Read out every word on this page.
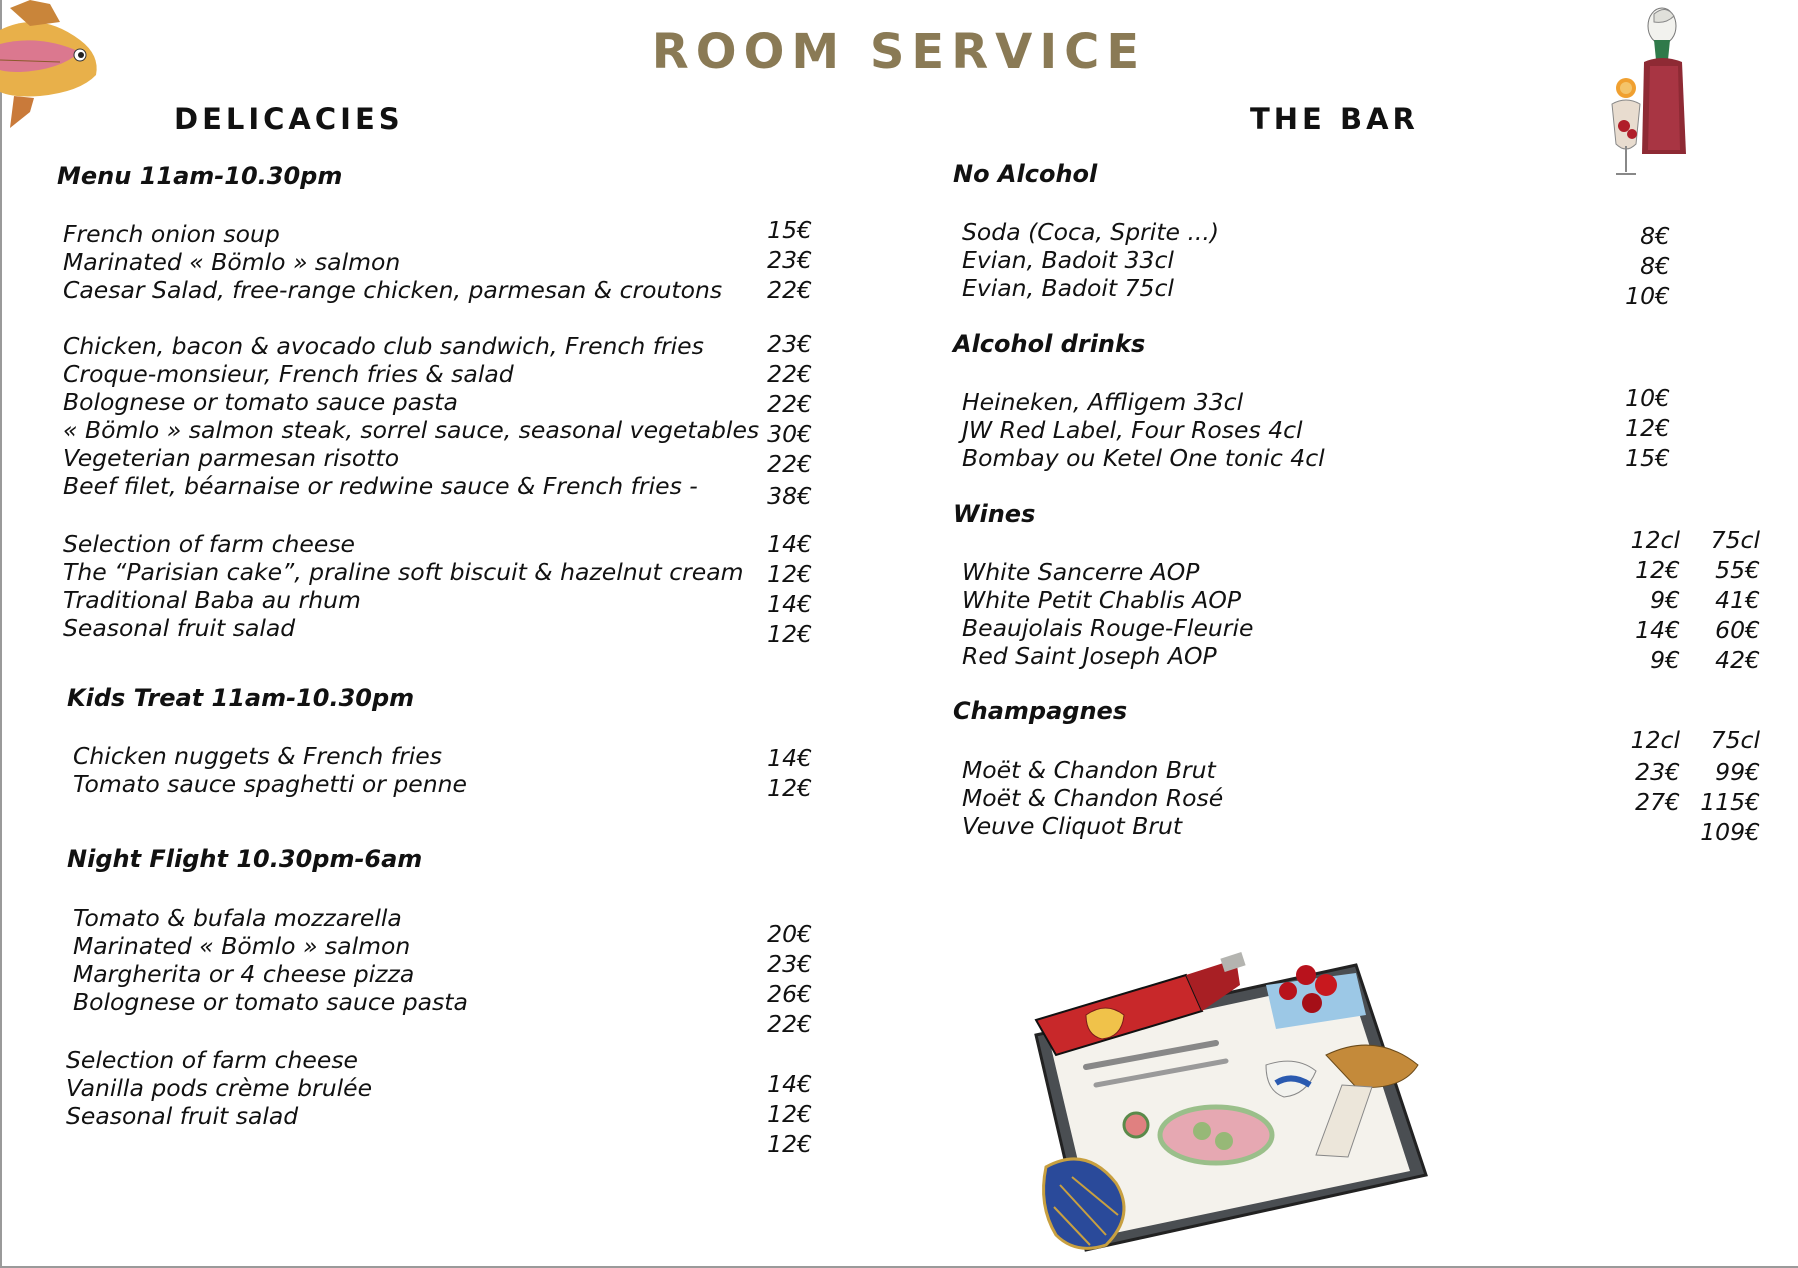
ROOM SERVICE
DELICACIES
Menu 11am-10.30pm
Kids Treat 11am-10.30pm
Night Flight 10.30pm-6am
THE BAR
No Alcohol
Alcohol drinks
Wines
12cl	75cl
Champagnes
12cl	75cl
French onion soup
Marinated « Bömlo » salmon
Caesar Salad, free-range chicken, parmesan & croutons
Chicken, bacon & avocado club sandwich, French fries
Croque-monsieur, French fries & salad
Bolognese or tomato sauce pasta
« Bömlo » salmon steak, sorrel sauce, seasonal vegetables
Vegeterian parmesan risotto
Beef filet, béarnaise or redwine sauce & French fries -
Selection of farm cheese
The “Parisian cake”, praline soft biscuit & hazelnut cream
Traditional Baba au rhum
Seasonal fruit salad
15€
23€
22€
23€
22€
22€
30€
22€
38€
14€
12€
14€
12€
Chicken nuggets & French fries
Tomato sauce spaghetti or penne
14€
12€
Tomato & bufala mozzarella
Marinated « Bömlo » salmon
Margherita or 4 cheese pizza
Bolognese or tomato sauce pasta
Selection of farm cheese
Vanilla pods crème brulée
Seasonal fruit salad
20€
23€
26€
22€
14€
12€
12€
Soda (Coca, Sprite ...)
Evian, Badoit 33cl
Evian, Badoit 75cl
8€
8€
10€
Heineken, Affligem 33cl
JW Red Label, Four Roses 4cl
Bombay ou Ketel One tonic 4cl
10€
12€
15€
White Sancerre AOP
White Petit Chablis AOP
Beaujolais Rouge-Fleurie
Red Saint Joseph AOP
12€
9€
14€
9€
55€
41€
60€
42€
Moët & Chandon Brut
Moët & Chandon Rosé
Veuve Cliquot Brut
23€
27€
99€
115€
109€
